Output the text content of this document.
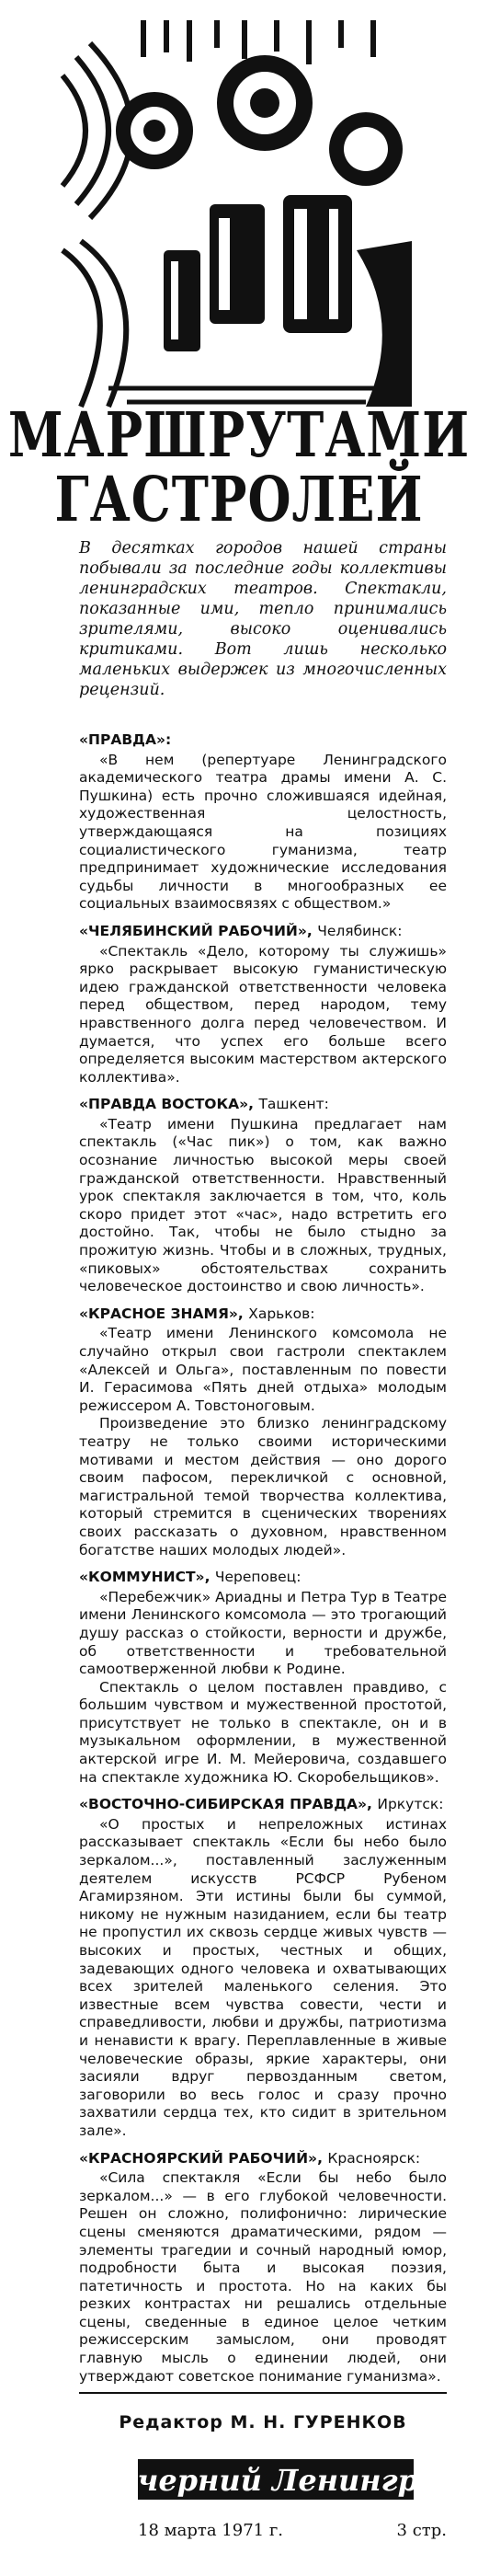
МАРШРУТАМИ
ГАСТРОЛЕЙ
В десятках городов нашей страны побывали за последние годы коллективы ленинградских театров. Спектакли, показанные ими, тепло принимались зрителями, высоко оценивались критиками. Вот лишь несколько маленьких выдержек из многочисленных рецензий.
«ПРАВДА»:

«В нем (репертуаре Ленинградского академического театра драмы имени А. С. Пушкина) есть прочно сложившаяся идейная, художественная целостность, утверждающаяся на позициях социалистического гуманизма, театр предпринимает художнические исследования судьбы личности в многообразных ее социальных взаимосвязях с обществом.»

«ЧЕЛЯБИНСКИЙ РАБОЧИЙ», Челябинск:

«Спектакль «Дело, которому ты служишь» ярко раскрывает высокую гуманистическую идею гражданской ответственности человека перед обществом, перед народом, тему нравственного долга перед человечеством. И думается, что успех его больше всего определяется высоким мастерством актерского коллектива».

«ПРАВДА ВОСТОКА», Ташкент:

«Театр имени Пушкина предлагает нам спектакль («Час пик») о том, как важно осознание личностью высокой меры своей гражданской ответственности. Нравственный урок спектакля заключается в том, что, коль скоро придет этот «час», надо встретить его достойно. Так, чтобы не было стыдно за прожитую жизнь. Чтобы и в сложных, трудных, «пиковых» обстоятельствах сохранить человеческое достоинство и свою личность».

«КРАСНОЕ ЗНАМЯ», Харьков:

«Театр имени Ленинского комсомола не случайно открыл свои гастроли спектаклем «Алексей и Ольга», поставленным по повести И. Герасимова «Пять дней отдыха» молодым режиссером А. Товстоноговым.

Произведение это близко ленинградскому театру не только своими историческими мотивами и местом действия — оно дорого своим пафосом, перекличкой с основной, магистральной темой творчества коллектива, который стремится в сценических творениях своих рассказать о духовном, нравственном богатстве наших молодых людей».

«КОММУНИСТ», Череповец:

«Перебежчик» Ариадны и Петра Тур в Театре имени Ленинского комсомола — это трогающий душу рассказ о стойкости, верности и дружбе, об ответственности и требовательной самоотверженной любви к Родине.

Спектакль о целом поставлен правдиво, с большим чувством и мужественной простотой, присутствует не только в спектакле, он и в музыкальном оформлении, в мужественной актерской игре И. М. Мейеровича, создавшего на спектакле художника Ю. Скоробельщиков».

«ВОСТОЧНО-СИБИРСКАЯ ПРАВДА», Иркутск:

«О простых и непреложных истинах рассказывает спектакль «Если бы небо было зеркалом...», поставленный заслуженным деятелем искусств РСФСР Рубеном Агамирзяном. Эти истины были бы суммой, никому не нужным назиданием, если бы театр не пропустил их сквозь сердце живых чувств — высоких и простых, честных и общих, задевающих одного человека и охватывающих всех зрителей маленького селения. Это известные всем чувства совести, чести и справедливости, любви и дружбы, патриотизма и ненависти к врагу. Переплавленные в живые человеческие образы, яркие характеры, они засияли вдруг первозданным светом, заговорили во весь голос и сразу прочно захватили сердца тех, кто сидит в зрительном зале».

«КРАСНОЯРСКИЙ РАБОЧИЙ», Красноярск:

«Сила спектакля «Если бы небо было зеркалом...» — в его глубокой человечности. Решен он сложно, полифонично: лирические сцены сменяются драматическими, рядом — элементы трагедии и сочный народный юмор, подробности быта и высокая поэзия, патетичность и простота. Но на каких бы резких контрастах ни решались отдельные сцены, сведенные в единое целое четким режиссерским замыслом, они проводят главную мысль о единении людей, они утверждают советское понимание гуманизма».

Редактор М. Н. ГУРЕНКОВ
Вечерний Ленинград
18 марта 1971 г.	3 стр.
